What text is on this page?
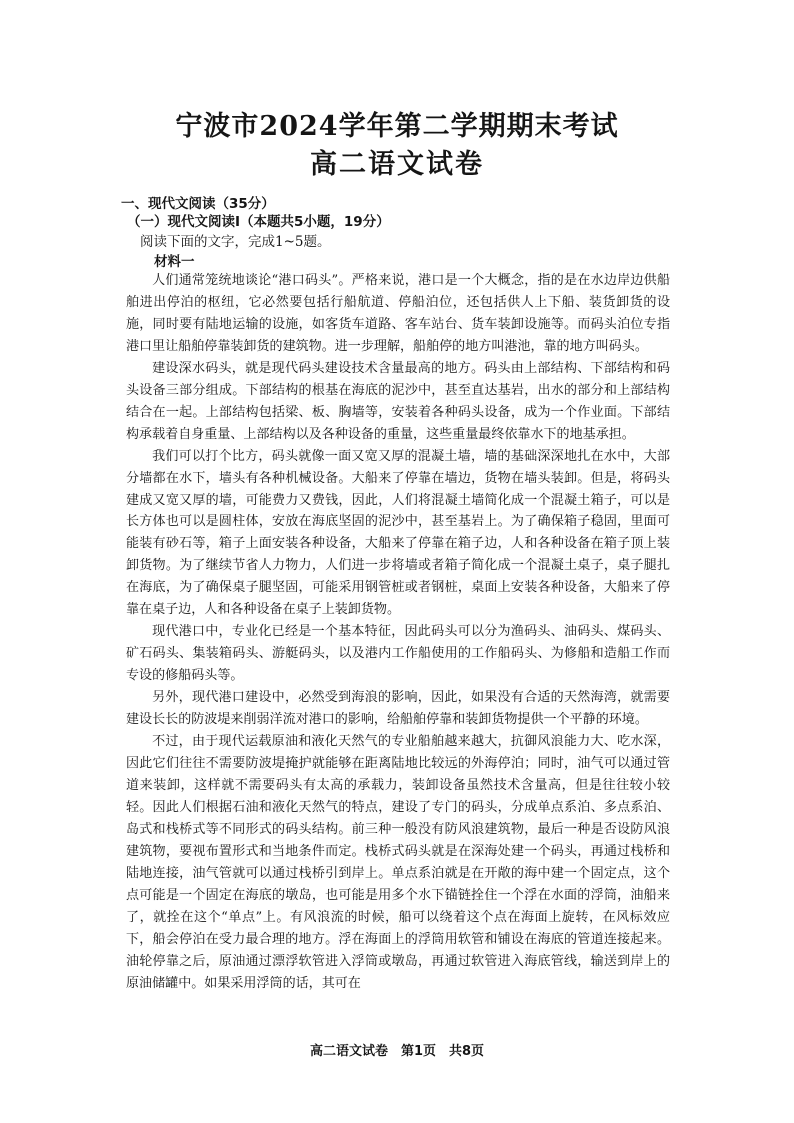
宁波市2024学年第二学期期末考试
高二语文试卷
一、现代文阅读（35分）
（一）现代文阅读Ⅰ（本题共5小题，19分）
阅读下面的文字，完成1~5题。
材料一

人们通常笼统地谈论“港口码头”。严格来说，港口是一个大概念，指的是在水边岸边供船舶进出停泊的枢纽，它必然要包括行船航道、停船泊位，还包括供人上下船、装货卸货的设施，同时要有陆地运输的设施，如客货车道路、客车站台、货车装卸设施等。而码头泊位专指港口里让船舶停靠装卸货的建筑物。进一步理解，船舶停的地方叫港池，靠的地方叫码头。

建设深水码头，就是现代码头建设技术含量最高的地方。码头由上部结构、下部结构和码头设备三部分组成。下部结构的根基在海底的泥沙中，甚至直达基岩，出水的部分和上部结构结合在一起。上部结构包括梁、板、胸墙等，安装着各种码头设备，成为一个作业面。下部结构承载着自身重量、上部结构以及各种设备的重量，这些重量最终依靠水下的地基承担。

我们可以打个比方，码头就像一面又宽又厚的混凝土墙，墙的基础深深地扎在水中，大部分墙都在水下，墙头有各种机械设备。大船来了停靠在墙边，货物在墙头装卸。但是，将码头建成又宽又厚的墙，可能费力又费钱，因此，人们将混凝土墙简化成一个混凝土箱子，可以是长方体也可以是圆柱体，安放在海底坚固的泥沙中，甚至基岩上。为了确保箱子稳固，里面可能装有砂石等，箱子上面安装各种设备，大船来了停靠在箱子边，人和各种设备在箱子顶上装卸货物。为了继续节省人力物力，人们进一步将墙或者箱子简化成一个混凝土桌子，桌子腿扎在海底，为了确保桌子腿坚固，可能采用钢管桩或者钢桩，桌面上安装各种设备，大船来了停靠在桌子边，人和各种设备在桌子上装卸货物。

现代港口中，专业化已经是一个基本特征，因此码头可以分为渔码头、油码头、煤码头、矿石码头、集装箱码头、游艇码头，以及港内工作船使用的工作船码头、为修船和造船工作而专设的修船码头等。

另外，现代港口建设中，必然受到海浪的影响，因此，如果没有合适的天然海湾，就需要建设长长的防波堤来削弱洋流对港口的影响，给船舶停靠和装卸货物提供一个平静的环境。

不过，由于现代运载原油和液化天然气的专业船舶越来越大，抗御风浪能力大、吃水深，因此它们往往不需要防波堤掩护就能够在距离陆地比较远的外海停泊；同时，油气可以通过管道来装卸，这样就不需要码头有太高的承载力，装卸设备虽然技术含量高，但是往往较小较轻。因此人们根据石油和液化天然气的特点，建设了专门的码头，分成单点系泊、多点系泊、岛式和栈桥式等不同形式的码头结构。前三种一般没有防风浪建筑物，最后一种是否设防风浪建筑物，要视布置形式和当地条件而定。栈桥式码头就是在深海处建一个码头，再通过栈桥和陆地连接，油气管就可以通过栈桥引到岸上。单点系泊就是在开敞的海中建一个固定点，这个点可能是一个固定在海底的墩岛，也可能是用多个水下锚链拴住一个浮在水面的浮筒，油船来了，就拴在这个“单点”上。有风浪流的时候，船可以绕着这个点在海面上旋转，在风标效应下，船会停泊在受力最合理的地方。浮在海面上的浮筒用软管和铺设在海底的管道连接起来。油轮停靠之后，原油通过漂浮软管进入浮筒或墩岛，再通过软管进入海底管线，输送到岸上的原油储罐中。如果采用浮筒的话，其可在

高二语文试卷　第1页　共8页
